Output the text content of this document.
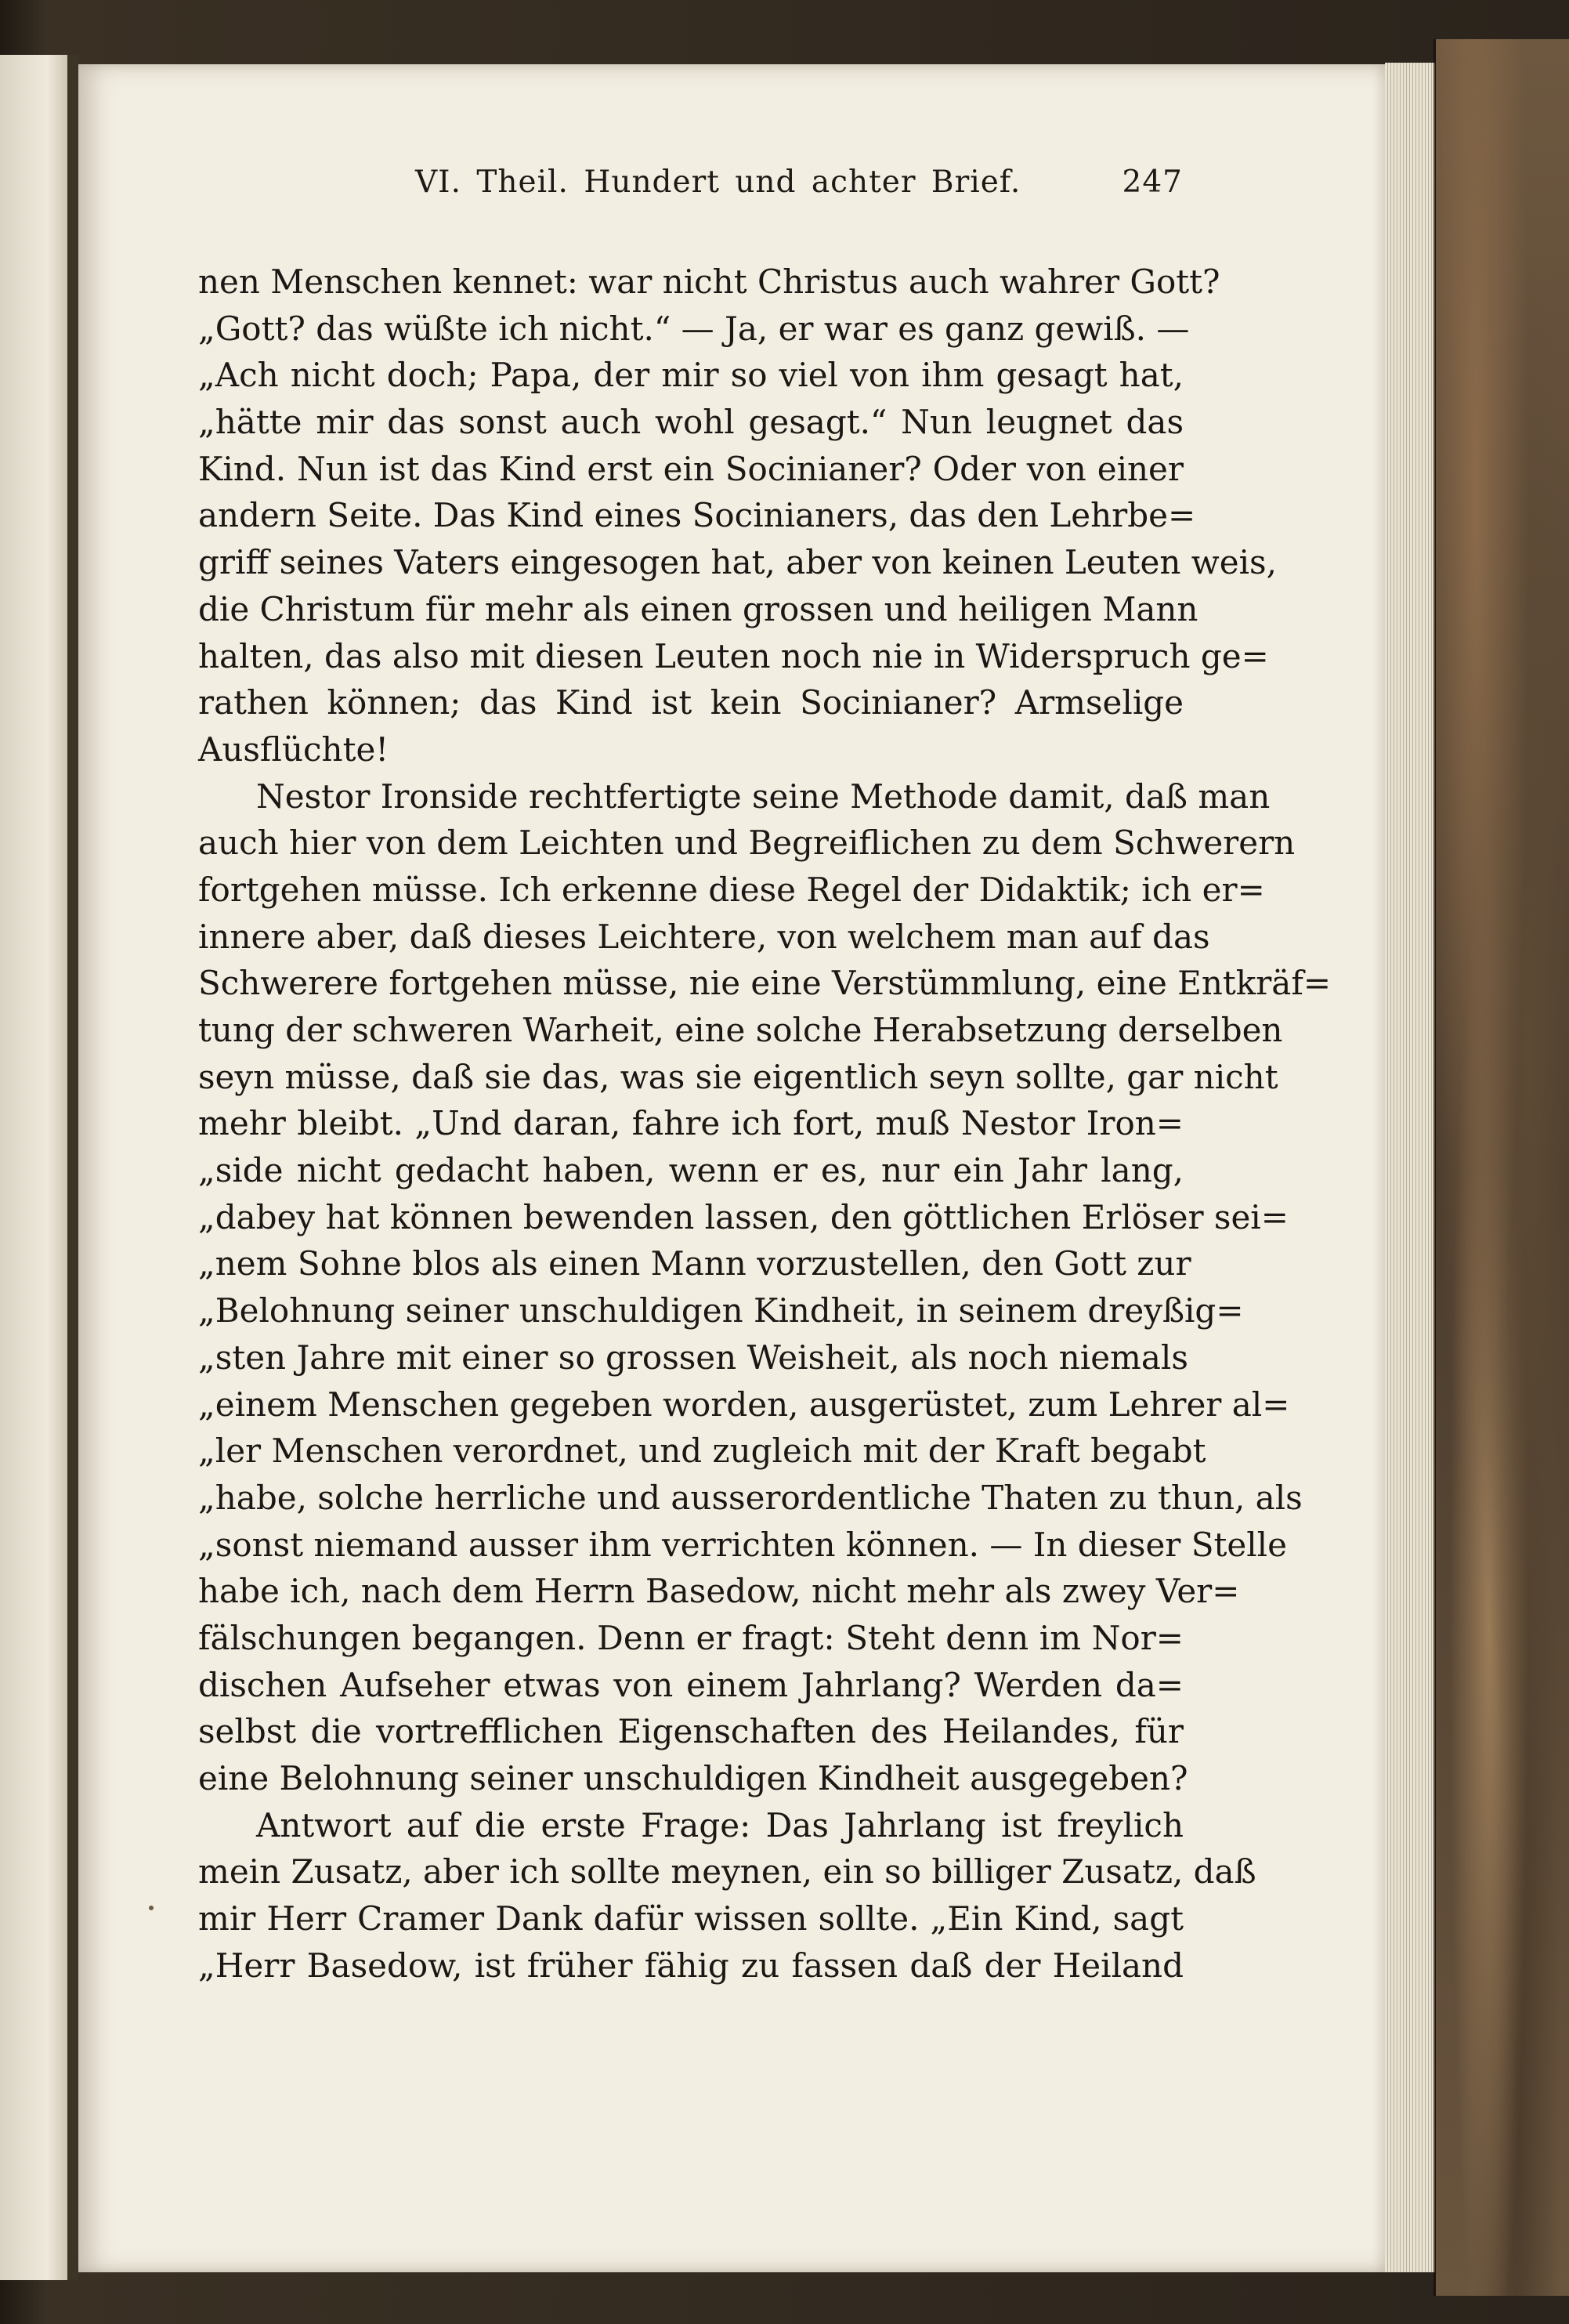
VI. Theil. Hundert und achter Brief.	247
nen Menschen kennet: war nicht Christus auch wahrer Gott?
„Gott? das wüßte ich nicht.“ — Ja, er war es ganz gewiß. —
„Ach nicht doch; Papa, der mir so viel von ihm gesagt hat,
„hätte mir das sonst auch wohl gesagt.“ Nun leugnet das
Kind. Nun ist das Kind erst ein Socinianer? Oder von einer
andern Seite. Das Kind eines Socinianers, das den Lehrbe=
griff seines Vaters eingesogen hat, aber von keinen Leuten weis,
die Christum für mehr als einen grossen und heiligen Mann
halten, das also mit diesen Leuten noch nie in Widerspruch ge=
rathen können; das Kind ist kein Socinianer? Armselige
Ausflüchte!
Nestor Ironside rechtfertigte seine Methode damit, daß man
auch hier von dem Leichten und Begreiflichen zu dem Schwerern
fortgehen müsse. Ich erkenne diese Regel der Didaktik; ich er=
innere aber, daß dieses Leichtere, von welchem man auf das
Schwerere fortgehen müsse, nie eine Verstümmlung, eine Entkräf=
tung der schweren Warheit, eine solche Herabsetzung derselben
seyn müsse, daß sie das, was sie eigentlich seyn sollte, gar nicht
mehr bleibt. „Und daran, fahre ich fort, muß Nestor Iron=
„side nicht gedacht haben, wenn er es, nur ein Jahr lang,
„dabey hat können bewenden lassen, den göttlichen Erlöser sei=
„nem Sohne blos als einen Mann vorzustellen, den Gott zur
„Belohnung seiner unschuldigen Kindheit, in seinem dreyßig=
„sten Jahre mit einer so grossen Weisheit, als noch niemals
„einem Menschen gegeben worden, ausgerüstet, zum Lehrer al=
„ler Menschen verordnet, und zugleich mit der Kraft begabt
„habe, solche herrliche und ausserordentliche Thaten zu thun, als
„sonst niemand ausser ihm verrichten können. — In dieser Stelle
habe ich, nach dem Herrn Basedow, nicht mehr als zwey Ver=
fälschungen begangen. Denn er fragt: Steht denn im Nor=
dischen Aufseher etwas von einem Jahrlang? Werden da=
selbst die vortrefflichen Eigenschaften des Heilandes, für
eine Belohnung seiner unschuldigen Kindheit ausgegeben?
Antwort auf die erste Frage: Das Jahrlang ist freylich
mein Zusatz, aber ich sollte meynen, ein so billiger Zusatz, daß
mir Herr Cramer Dank dafür wissen sollte. „Ein Kind, sagt
„Herr Basedow, ist früher fähig zu fassen daß der Heiland
